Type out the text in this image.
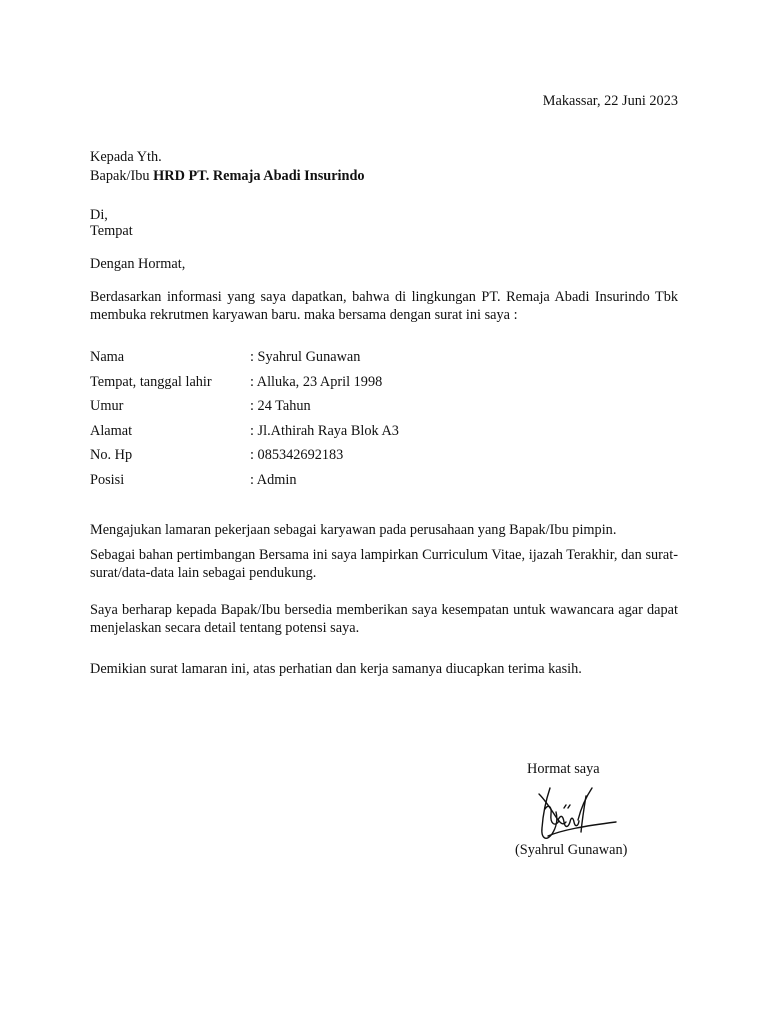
Makassar, 22 Juni 2023
Kepada Yth.
Bapak/Ibu HRD PT. Remaja Abadi Insurindo
Di,
Tempat
Dengan Hormat,
Berdasarkan informasi yang saya dapatkan, bahwa di lingkungan PT. Remaja Abadi Insurindo Tbk membuka rekrutmen karyawan baru. maka bersama dengan surat ini saya :
Nama	: Syahrul Gunawan
Tempat, tanggal lahir	: Alluka, 23 April 1998
Umur	: 24 Tahun
Alamat	: Jl.Athirah Raya Blok A3
No. Hp	: 085342692183
Posisi	: Admin
Mengajukan lamaran pekerjaan sebagai karyawan pada perusahaan yang Bapak/Ibu pimpin.
Sebagai bahan pertimbangan Bersama ini saya lampirkan Curriculum Vitae, ijazah Terakhir, dan surat-surat/data-data lain sebagai pendukung.
Saya berharap kepada Bapak/Ibu bersedia memberikan saya kesempatan untuk wawancara agar dapat menjelaskan secara detail tentang potensi saya.
Demikian surat lamaran ini, atas perhatian dan kerja samanya diucapkan terima kasih.
Hormat saya
(Syahrul Gunawan)
